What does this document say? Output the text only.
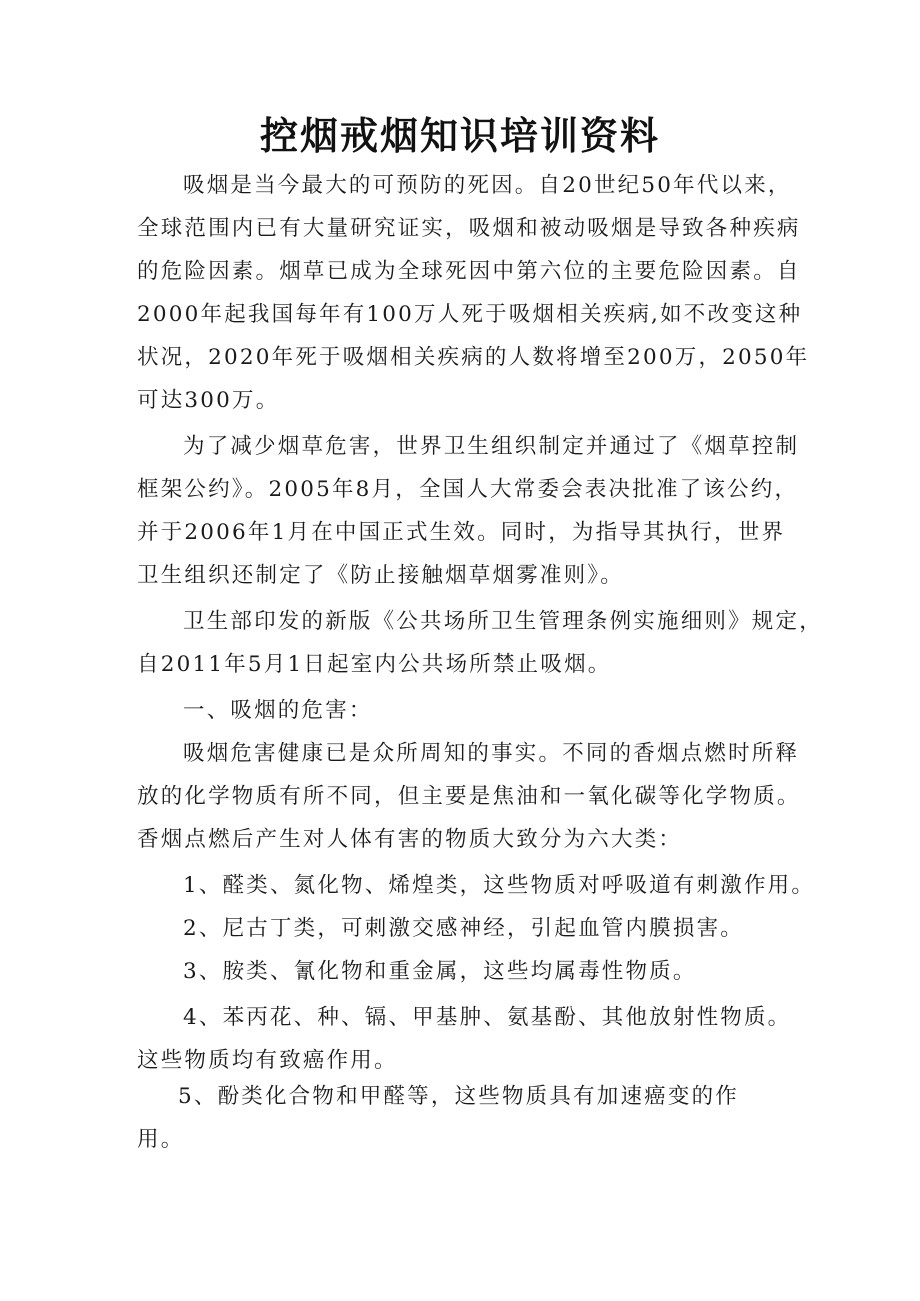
控烟戒烟知识培训资料
吸烟是当今最大的可预防的死因。自20世纪50年代以来，
全球范围内已有大量研究证实，吸烟和被动吸烟是导致各种疾病
的危险因素。烟草已成为全球死因中第六位的主要危险因素。自
2000年起我国每年有100万人死于吸烟相关疾病,如不改变这种
状况，2020年死于吸烟相关疾病的人数将增至200万，2050年
可达300万。
为了减少烟草危害，世界卫生组织制定并通过了《烟草控制
框架公约》。2005年8月，全国人大常委会表决批准了该公约，
并于2006年1月在中国正式生效。同时，为指导其执行，世界
卫生组织还制定了《防止接触烟草烟雾准则》。
卫生部印发的新版《公共场所卫生管理条例实施细则》规定，
自2011年5月1日起室内公共场所禁止吸烟。
一、吸烟的危害：
吸烟危害健康已是众所周知的事实。不同的香烟点燃时所释
放的化学物质有所不同，但主要是焦油和一氧化碳等化学物质。
香烟点燃后产生对人体有害的物质大致分为六大类：
1、醛类、氮化物、烯煌类，这些物质对呼吸道有刺激作用。
2、尼古丁类，可刺激交感神经，引起血管内膜损害。
3、胺类、氰化物和重金属，这些均属毒性物质。
4、苯丙花、种、镉、甲基肿、氨基酚、其他放射性物质。
这些物质均有致癌作用。
5、酚类化合物和甲醛等，这些物质具有加速癌变的作
用。
